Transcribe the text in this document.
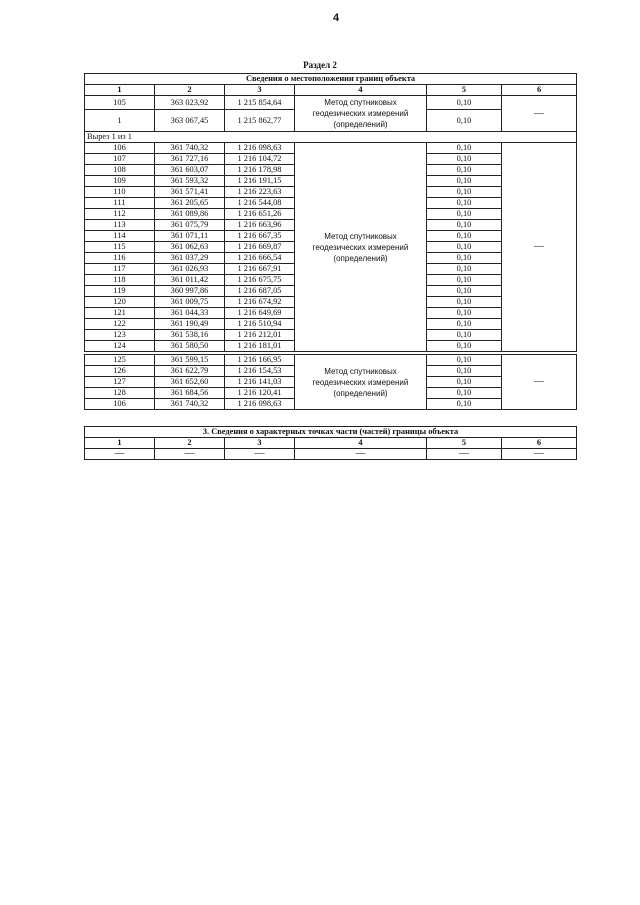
4
Раздел 2
Сведения о местоположении границ объекта					
1	2	3	4	5	6
105	363 023,92	1 215 854,64	Метод спутниковых геодезических измерений (определений)	0,10	—
1	363 067,45	1 215 862,77		0,10	
Вырез 1 из 1					
106	361 740,32	1 216 098,63	Метод спутниковых геодезических измерений (определений)	0,10	—
107	361 727,16	1 216 104,72		0,10	
108	361 603,07	1 216 178,98		0,10	
109	361 593,32	1 216 191,15		0,10	
110	361 571,41	1 216 223,63		0,10	
111	361 205,65	1 216 544,08		0,10	
112	361 089,86	1 216 651,26		0,10	
113	361 075,79	1 216 663,96		0,10	
114	361 071,11	1 216 667,35		0,10	
115	361 062,63	1 216 669,87		0,10	
116	361 037,29	1 216 666,54		0,10	
117	361 026,93	1 216 667,91		0,10	
118	361 011,42	1 216 675,75		0,10	
119	360 997,86	1 216 687,05		0,10	
120	361 009,75	1 216 674,92		0,10	
121	361 044,33	1 216 649,69		0,10	
122	361 190,49	1 216 510,94		0,10	
123	361 538,16	1 216 212,01		0,10	
124	361 580,50	1 216 181,01		0,10	

125	361 599,15	1 216 166,95	Метод спутниковых геодезических измерений (определений)	0,10	—
126	361 622,79	1 216 154,53		0,10	
127	361 652,60	1 216 141,03		0,10	
128	361 684,56	1 216 120,41		0,10	
106	361 740,32	1 216 098,63		0,10	
3. Сведения о характерных точках части (частей) границы объекта					
1	2	3	4	5	6
—	—	—	—	—	—
